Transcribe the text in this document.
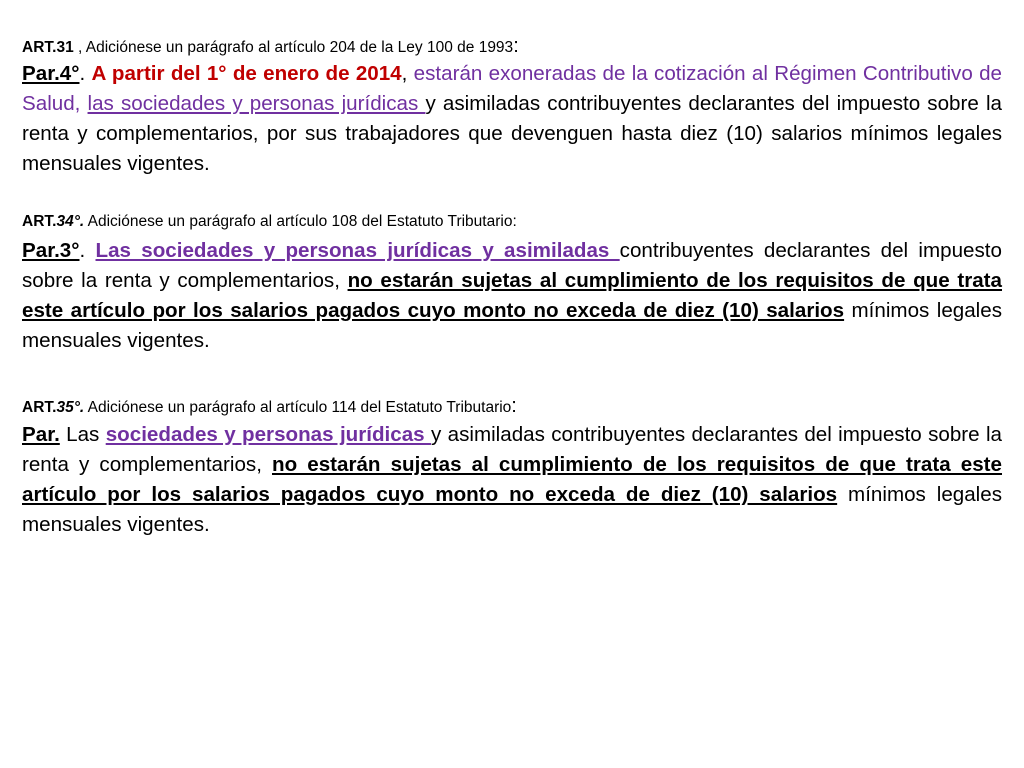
ART.31 , Adiciónese un parágrafo al artículo 204 de la Ley 100 de 1993:
Par.4°. A partir del 1° de enero de 2014, estarán exoneradas de la cotización al Régimen Contributivo de Salud, las sociedades y personas jurídicas y asimiladas contribuyentes declarantes del impuesto sobre la renta y complementarios, por sus trabajadores que devenguen hasta diez (10) salarios mínimos legales mensuales vigentes.
ART.34°. Adiciónese un parágrafo al artículo 108 del Estatuto Tributario:
Par.3°. Las sociedades y personas jurídicas y asimiladas contribuyentes declarantes del impuesto sobre la renta y complementarios, no estarán sujetas al cumplimiento de los requisitos de que trata este artículo por los salarios pagados cuyo monto no exceda de diez (10) salarios mínimos legales mensuales vigentes.
ART.35°. Adiciónese un parágrafo al artículo 114 del Estatuto Tributario:
Par. Las sociedades y personas jurídicas y asimiladas contribuyentes declarantes del impuesto sobre la renta y complementarios, no estarán sujetas al cumplimiento de los requisitos de que trata este artículo por los salarios pagados cuyo monto no exceda de diez (10) salarios mínimos legales mensuales vigentes.
